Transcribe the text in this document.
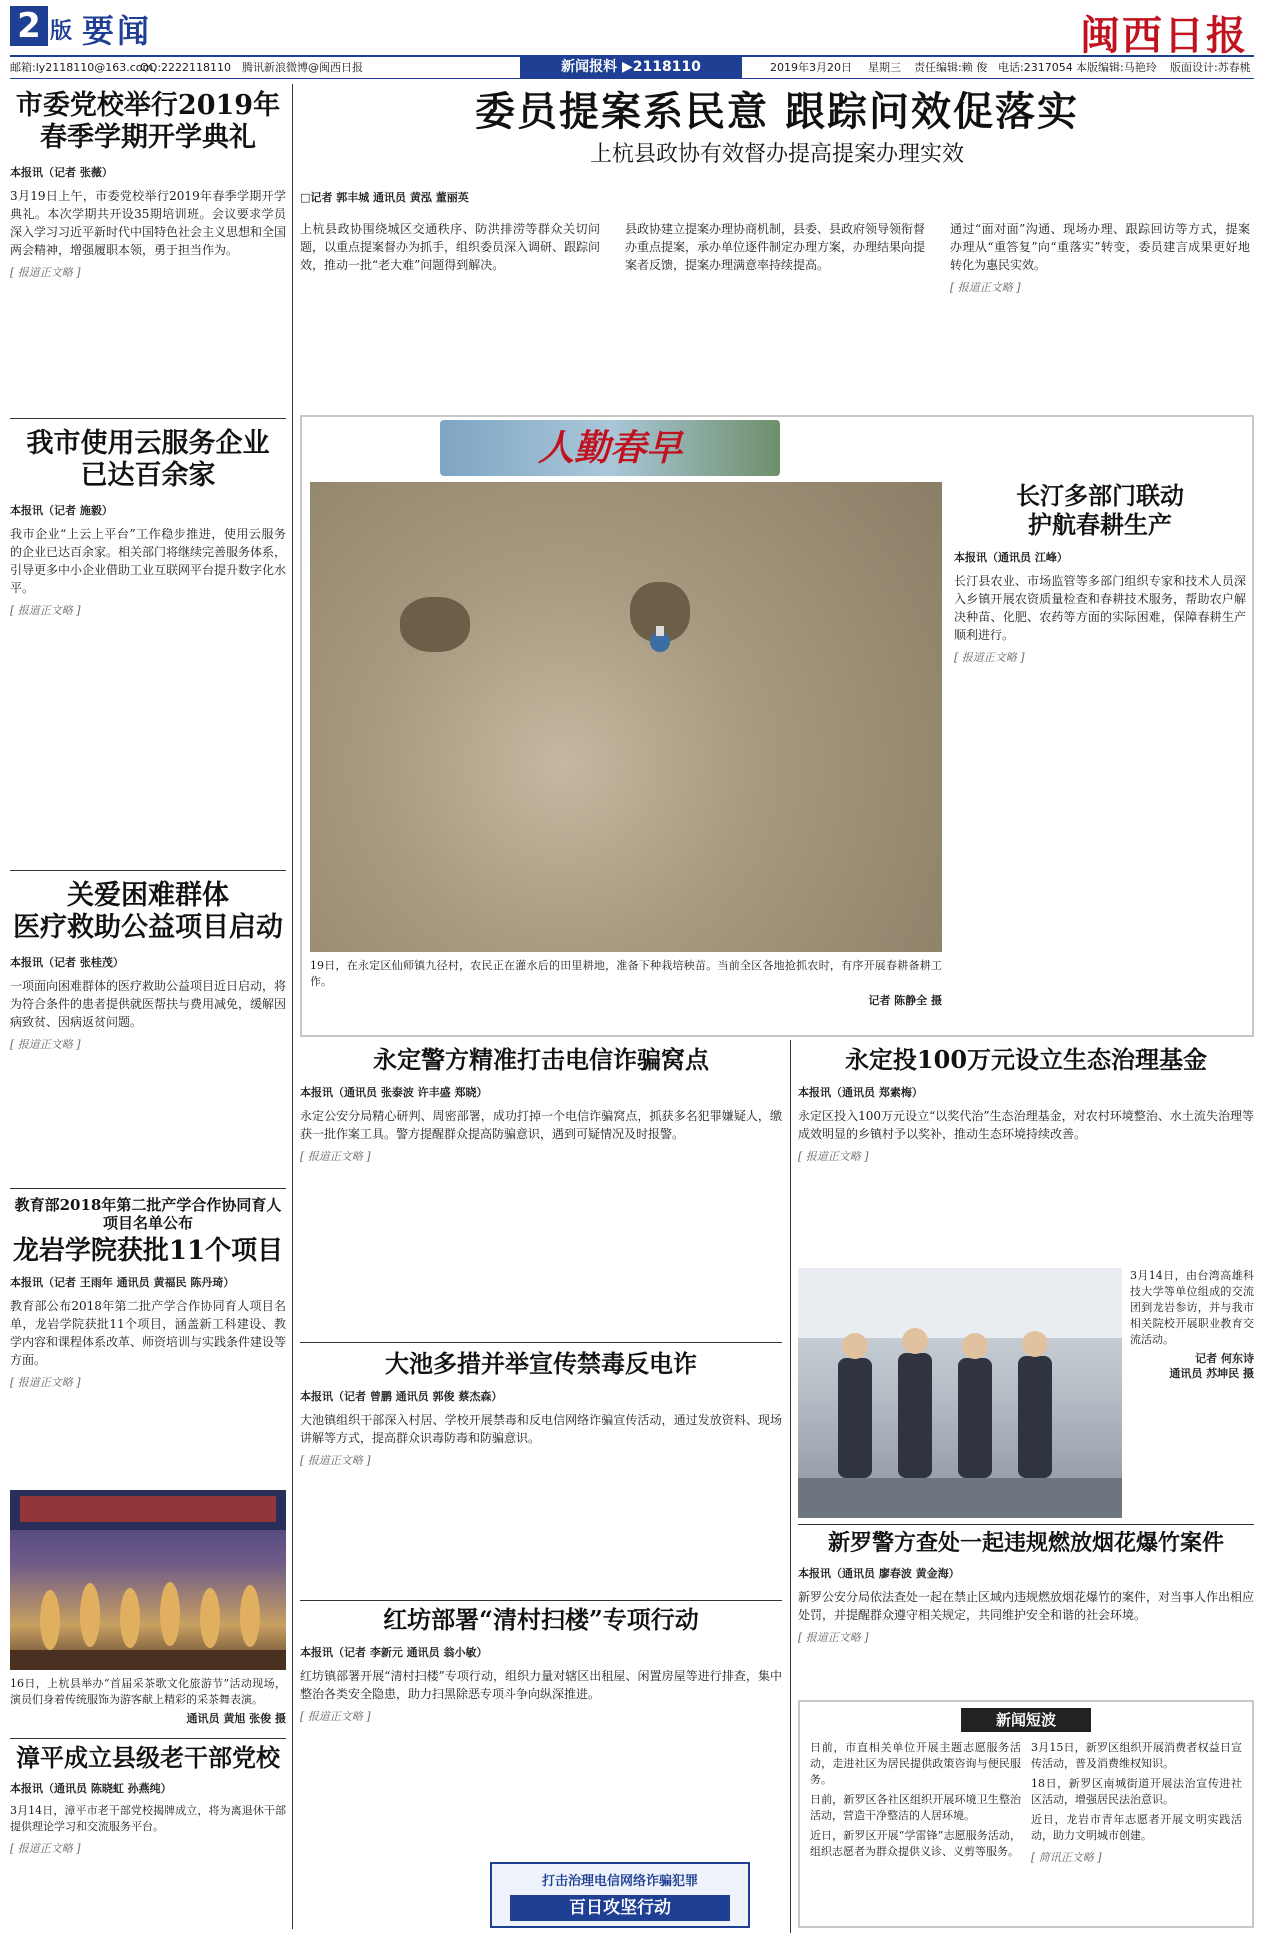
2 版 要闻	闽西日报
邮箱:ly2118110@163.com
QQ:2222118110 腾讯新浪微博@闽西日报	2019年3月20日 星期三 责任编辑:赖 俊 电话:2317054 本版编辑:马艳玲 版面设计:苏春桃
新闻报料 ▶2118110
市委党校举行2019年
春季学期开学典礼
本报讯（记者 张薇）
3月19日上午，市委党校举行2019年春季学期开学典礼。本次学期共开设35期培训班。会议要求学员深入学习习近平新时代中国特色社会主义思想和全国两会精神，增强履职本领，勇于担当作为。
[ 报道正文略 ]
我市使用云服务企业
已达百余家
本报讯（记者 施毅）
我市企业“上云上平台”工作稳步推进，使用云服务的企业已达百余家。相关部门将继续完善服务体系，引导更多中小企业借助工业互联网平台提升数字化水平。
[ 报道正文略 ]
关爱困难群体
医疗救助公益项目启动
本报讯（记者 张桂茂）
一项面向困难群体的医疗救助公益项目近日启动，将为符合条件的患者提供就医帮扶与费用减免，缓解因病致贫、因病返贫问题。
[ 报道正文略 ]
教育部2018年第二批产学合作协同育人项目名单公布
龙岩学院获批11个项目
本报讯（记者 王雨年 通讯员 黄福民 陈丹琦）
教育部公布2018年第二批产学合作协同育人项目名单，龙岩学院获批11个项目，涵盖新工科建设、教学内容和课程体系改革、师资培训与实践条件建设等方面。
[ 报道正文略 ]
16日，上杭县举办“首届采茶歌文化旅游节”活动现场，演员们身着传统服饰为游客献上精彩的采茶舞表演。
通讯员 黄旭 张俊 摄
漳平成立县级老干部党校
本报讯（通讯员 陈晓虹 孙燕纯）
3月14日，漳平市老干部党校揭牌成立，将为离退休干部提供理论学习和交流服务平台。
[ 报道正文略 ]
委员提案系民意 跟踪问效促落实
上杭县政协有效督办提高提案办理实效
□记者 郭丰城 通讯员 黄泓 董丽英
上杭县政协围绕城区交通秩序、防洪排涝等群众关切问题，以重点提案督办为抓手，组织委员深入调研、跟踪问效，推动一批“老大难”问题得到解决。
县政协建立提案办理协商机制，县委、县政府领导领衔督办重点提案，承办单位逐件制定办理方案，办理结果向提案者反馈，提案办理满意率持续提高。
通过“面对面”沟通、现场办理、跟踪回访等方式，提案办理从“重答复”向“重落实”转变，委员建言成果更好地转化为惠民实效。
[ 报道正文略 ]
人勤春早
19日，在永定区仙师镇九径村，农民正在灌水后的田里耕地，准备下种栽培秧苗。当前全区各地抢抓农时，有序开展春耕备耕工作。
记者 陈静全 摄
长汀多部门联动
护航春耕生产
本报讯（通讯员 江峰）
长汀县农业、市场监管等多部门组织专家和技术人员深入乡镇开展农资质量检查和春耕技术服务，帮助农户解决种苗、化肥、农药等方面的实际困难，保障春耕生产顺利进行。
[ 报道正文略 ]
永定警方精准打击电信诈骗窝点
本报讯（通讯员 张泰波 许丰盛 郑晓）
永定公安分局精心研判、周密部署，成功打掉一个电信诈骗窝点，抓获多名犯罪嫌疑人，缴获一批作案工具。警方提醒群众提高防骗意识，遇到可疑情况及时报警。
[ 报道正文略 ]
大池多措并举宣传禁毒反电诈
本报讯（记者 曾鹏 通讯员 郭俊 蔡杰森）
大池镇组织干部深入村居、学校开展禁毒和反电信网络诈骗宣传活动，通过发放资料、现场讲解等方式，提高群众识毒防毒和防骗意识。
[ 报道正文略 ]
红坊部署“清村扫楼”专项行动
本报讯（记者 李新元 通讯员 翁小敏）
红坊镇部署开展“清村扫楼”专项行动，组织力量对辖区出租屋、闲置房屋等进行排查，集中整治各类安全隐患，助力扫黑除恶专项斗争向纵深推进。
[ 报道正文略 ]
打击治理电信网络诈骗犯罪
百日攻坚行动
永定投100万元设立生态治理基金
本报讯（通讯员 郑素梅）
永定区投入100万元设立“以奖代治”生态治理基金，对农村环境整治、水土流失治理等成效明显的乡镇村予以奖补，推动生态环境持续改善。
[ 报道正文略 ]
3月14日，由台湾高雄科技大学等单位组成的交流团到龙岩参访，并与我市相关院校开展职业教育交流活动。
记者 何东诗
通讯员 苏坤民 摄
新罗警方查处一起违规燃放烟花爆竹案件
本报讯（通讯员 廖春波 黄金海）
新罗公安分局依法查处一起在禁止区域内违规燃放烟花爆竹的案件，对当事人作出相应处罚，并提醒群众遵守相关规定，共同维护安全和谐的社会环境。
[ 报道正文略 ]
新闻短波
日前，市直相关单位开展主题志愿服务活动，走进社区为居民提供政策咨询与便民服务。
日前，新罗区各社区组织开展环境卫生整治活动，营造干净整洁的人居环境。
近日，新罗区开展“学雷锋”志愿服务活动，组织志愿者为群众提供义诊、义剪等服务。
3月15日，新罗区组织开展消费者权益日宣传活动，普及消费维权知识。
18日，新罗区南城街道开展法治宣传进社区活动，增强居民法治意识。
近日，龙岩市青年志愿者开展文明实践活动，助力文明城市创建。
[ 简讯正文略 ]
